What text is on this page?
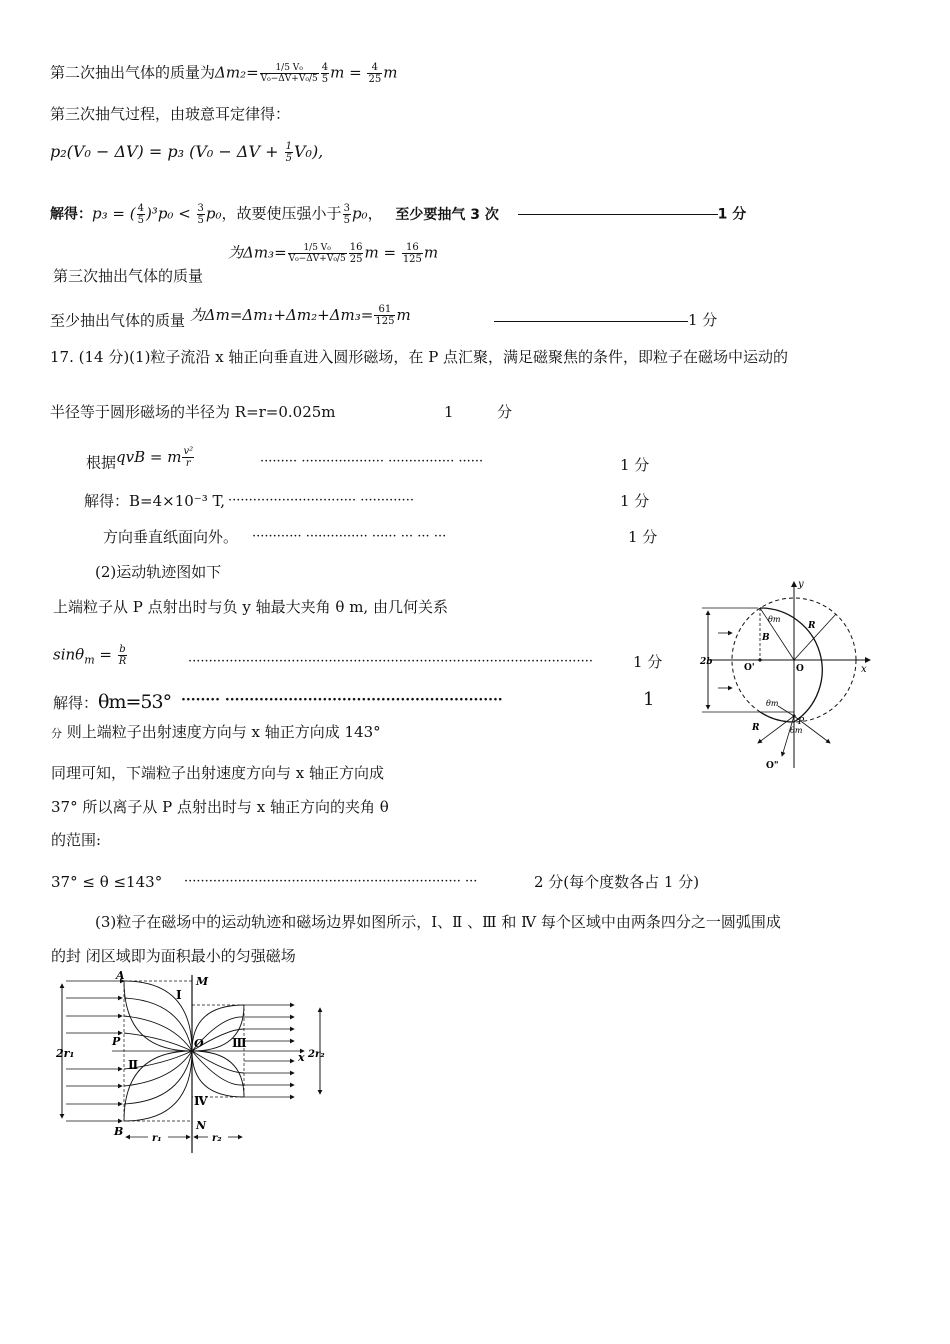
第二次抽出气体的质量为$\Delta m_2= \frac{\text{1/5 V₀}}{\text{V₀−ΔV+V₀/5}} \frac{4}{5}$ $m = \frac{4}{25}$ m
第三次抽气过程，由玻意耳定律得：
p₂(V₀ − ΔV) = p₃ $(V_0 - \Delta V + \frac{1}{5} V_0)$,
解得：p₃ = ( $\frac{4}{5} )^3p_0 < \frac{3}{5} p_0$，故要使压强小于 $\frac{3}{5} p_0$， 至少要抽气 3 次	1 分
为$\Delta m_3= \frac{\text{1/5 V₀}}{\text{V₀−ΔV+V₀/5}} \frac{16}{25}$ $m = \frac{16}{125}$ m
第三次抽出气体的质量
至少抽出气体的质量 为$\Delta m=\Delta m_1+\Delta m_2+\Delta m_3= \frac{61}{125}$ m	1 分
17. (14 分)(1)粒子流沿 x 轴正向垂直进入圆形磁场，在 P 点汇聚，满足磁聚焦的条件，即粒子在磁场中运动的
半径等于圆形磁场的半径为 R=r=0.025m	1	分
根据qvB = m $\frac{\text{v²}}{r}$	········· ···················· ················ ······	1 分
解得：B=4×10⁻³ T, ······························· ·············	1 分
方向垂直纸面向外。 ············ ··············· ······ ··· ··· ···	1 分
(2)运动轨迹图如下
上端粒子从 P 点射出时与负 y 轴最大夹角 θ m, 由几何关系
$\sin\theta_m = \frac{b}{R}$	··································································································	1 分
解得：θm=53° ········ ·························································	1
分 则上端粒子出射速度方向与 x 轴正方向成 143°
同理可知，下端粒子出射速度方向与 x 轴正方向成
37° 所以离子从 P 点射出时与 x 轴正方向的夹角 θ
的范围:
37° ≤ θ ≤143° ··································································· ···	2 分(每个度数各占 1 分)
(3)粒子在磁场中的运动轨迹和磁场边界如图所示，Ⅰ、Ⅱ 、Ⅲ 和 Ⅳ 每个区域中由两条四分之一圆弧围成
的封 闭区域即为面积最小的匀强磁场
y
x
O
O'
O"
R
B
θm
θm
θm
P
R
2b
A	M
P	O
x
B	N
2r₁	2r₂
r₁	r₂
Ⅰ
Ⅱ
Ⅲ
Ⅳ
